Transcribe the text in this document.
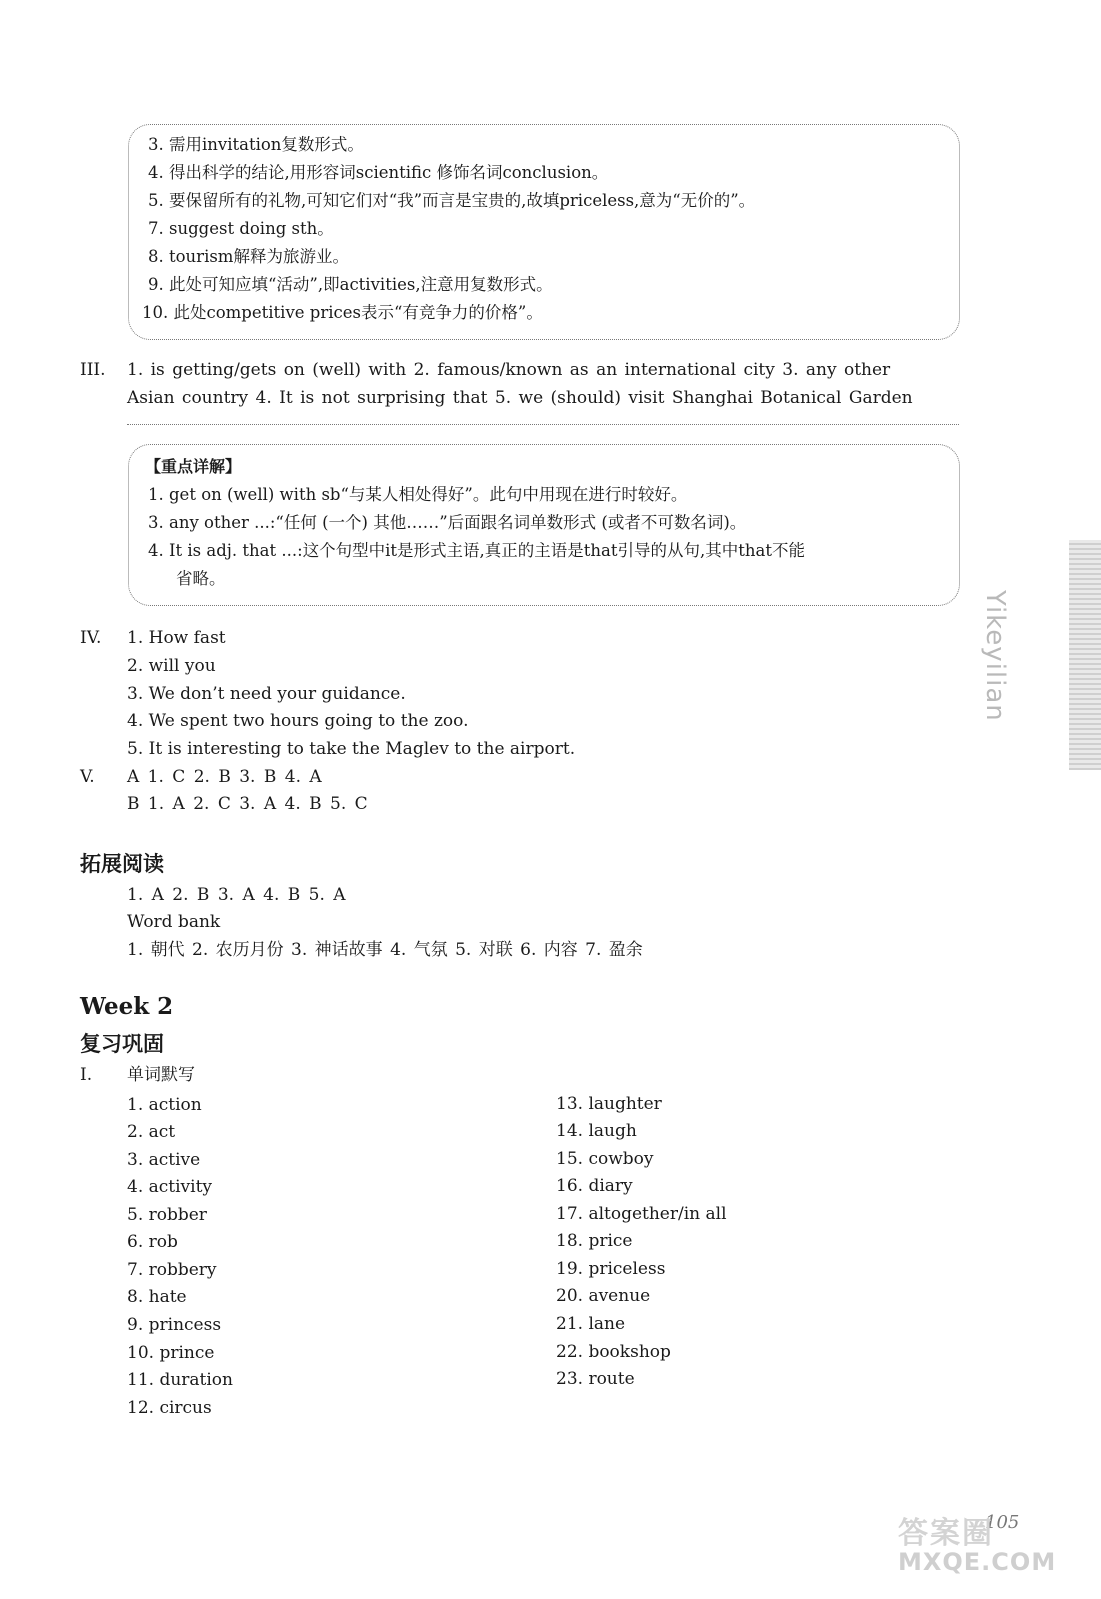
3. 需用invitation复数形式。
4. 得出科学的结论,用形容词scientific 修饰名词conclusion。
5. 要保留所有的礼物,可知它们对“我”而言是宝贵的,故填priceless,意为“无价的”。
7. suggest doing sth。
8. tourism解释为旅游业。
9. 此处可知应填“活动”,即activities,注意用复数形式。
10. 此处competitive prices表示“有竞争力的价格”。
III. 1. is getting/gets on (well) with 2. famous/known as an international city 3. any other
Asian country 4. It is not surprising that 5. we (should) visit Shanghai Botanical Garden
【重点详解】
1. get on (well) with sb“与某人相处得好”。此句中用现在进行时较好。
3. any other ...:“任何 (一个) 其他……”后面跟名词单数形式 (或者不可数名词)。
4. It is adj. that ...:这个句型中it是形式主语,真正的主语是that引导的从句,其中that不能
省略。
IV. 1. How fast
2. will you
3. We don’t need your guidance.
4. We spent two hours going to the zoo.
5. It is interesting to take the Maglev to the airport.
V. A 1. C 2. B 3. B 4. A
B 1. A 2. C 3. A 4. B 5. C
拓展阅读
1. A 2. B 3. A 4. B 5. A
Word bank
1. 朝代 2. 农历月份 3. 神话故事 4. 气氛 5. 对联 6. 内容 7. 盈余
Week 2
复习巩固
I. 单词默写
1. action
2. act
3. active
4. activity
5. robber
6. rob
7. robbery
8. hate
9. princess
10. prince
11. duration
12. circus
13. laughter
14. laugh
15. cowboy
16. diary
17. altogether/in all
18. price
19. priceless
20. avenue
21. lane
22. bookshop
23. route
Yikeyilian
105
答案圈
MXQE.COM
